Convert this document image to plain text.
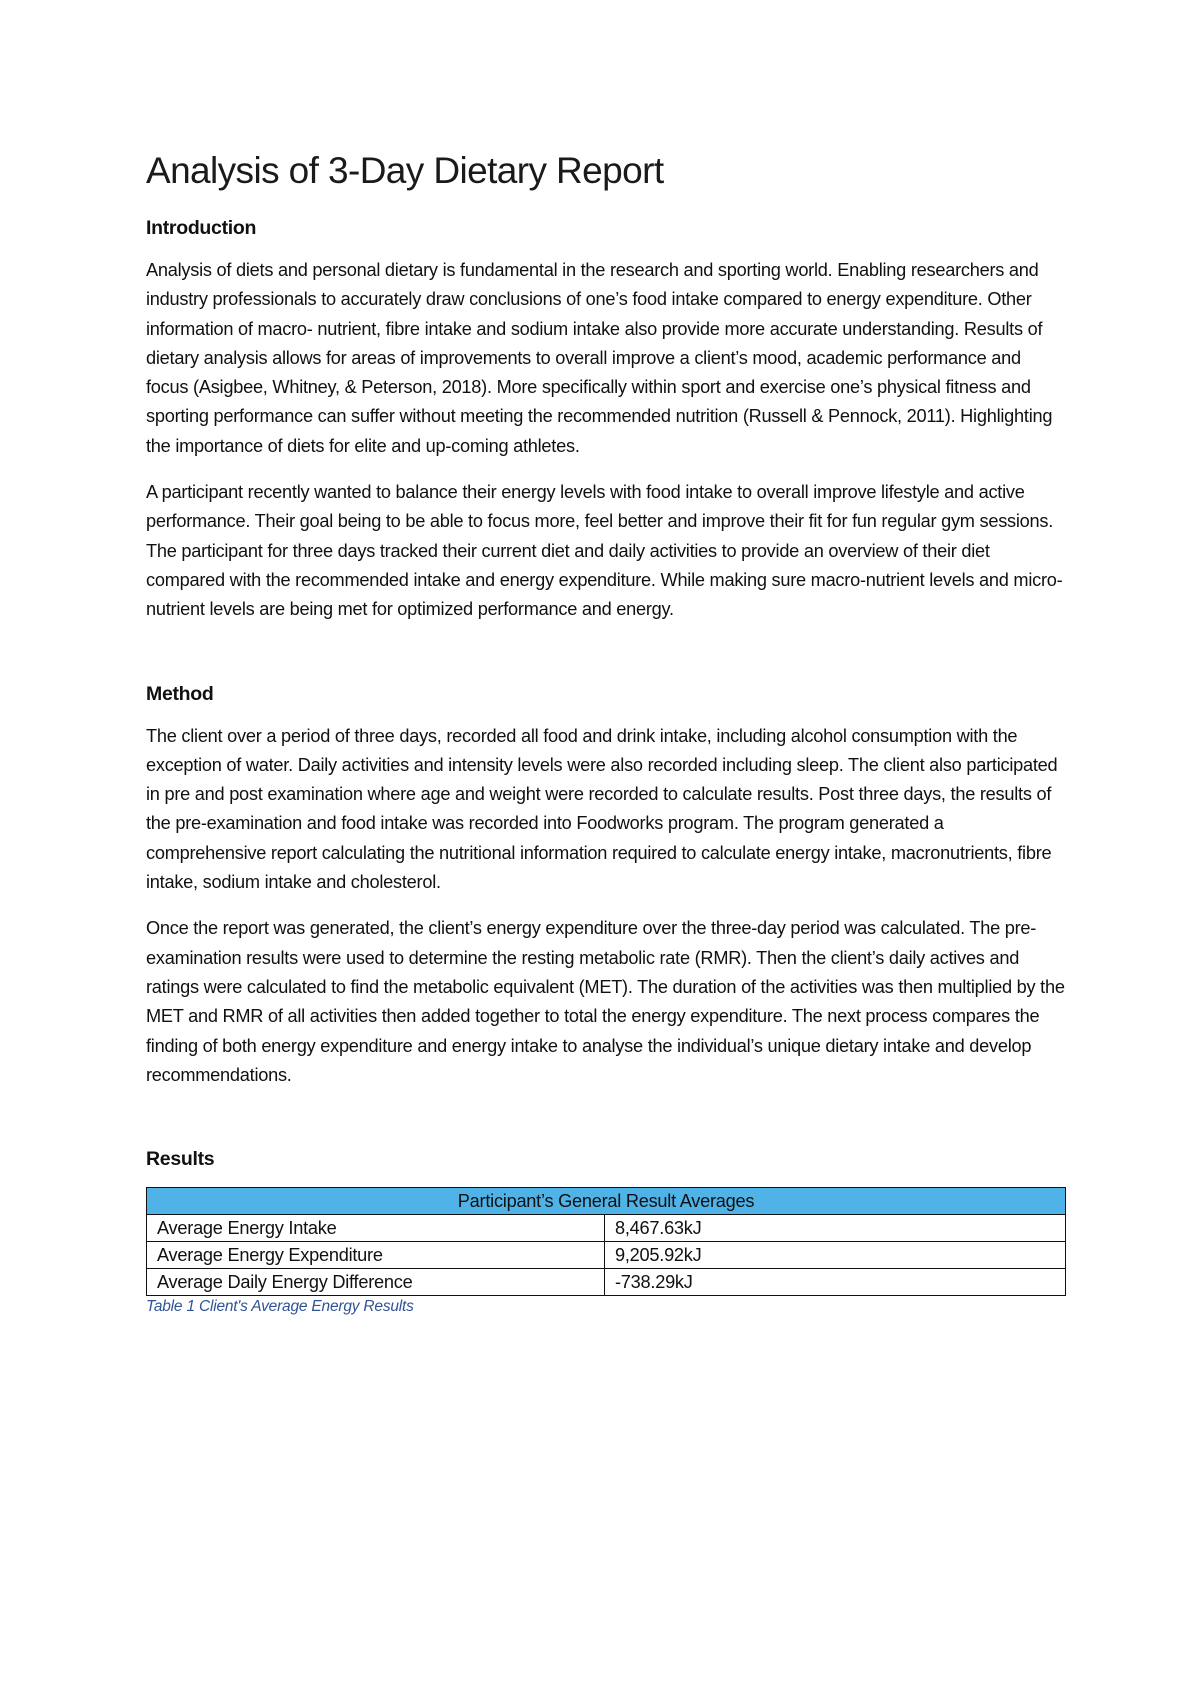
Analysis of 3-Day Dietary Report
Introduction

Analysis of diets and personal dietary is fundamental in the research and sporting world. Enabling researchers and industry professionals to accurately draw conclusions of one’s food intake compared to energy expenditure. Other information of macro- nutrient, fibre intake and sodium intake also provide more accurate understanding. Results of dietary analysis allows for areas of improvements to overall improve a client’s mood, academic performance and focus (Asigbee, Whitney, & Peterson, 2018). More specifically within sport and exercise one’s physical fitness and sporting performance can suffer without meeting the recommended nutrition (Russell & Pennock, 2011). Highlighting the importance of diets for elite and up-coming athletes.

A participant recently wanted to balance their energy levels with food intake to overall improve lifestyle and active performance. Their goal being to be able to focus more, feel better and improve their fit for fun regular gym sessions. The participant for three days tracked their current diet and daily activities to provide an overview of their diet compared with the recommended intake and energy expenditure. While making sure macro-nutrient levels and micro-nutrient levels are being met for optimized performance and energy.

Method

The client over a period of three days, recorded all food and drink intake, including alcohol consumption with the exception of water. Daily activities and intensity levels were also recorded including sleep. The client also participated in pre and post examination where age and weight were recorded to calculate results. Post three days, the results of the pre-examination and food intake was recorded into Foodworks program. The program generated a comprehensive report calculating the nutritional information required to calculate energy intake, macronutrients, fibre intake, sodium intake and cholesterol.

Once the report was generated, the client’s energy expenditure over the three-day period was calculated. The pre-examination results were used to determine the resting metabolic rate (RMR). Then the client’s daily actives and ratings were calculated to find the metabolic equivalent (MET). The duration of the activities was then multiplied by the MET and RMR of all activities then added together to total the energy expenditure. The next process compares the finding of both energy expenditure and energy intake to analyse the individual’s unique dietary intake and develop recommendations.

Results
Participant’s General Result Averages	
Average Energy Intake	8,467.63kJ
Average Energy Expenditure	9,205.92kJ
Average Daily Energy Difference	-738.29kJ
Table 1 Client's Average Energy Results
